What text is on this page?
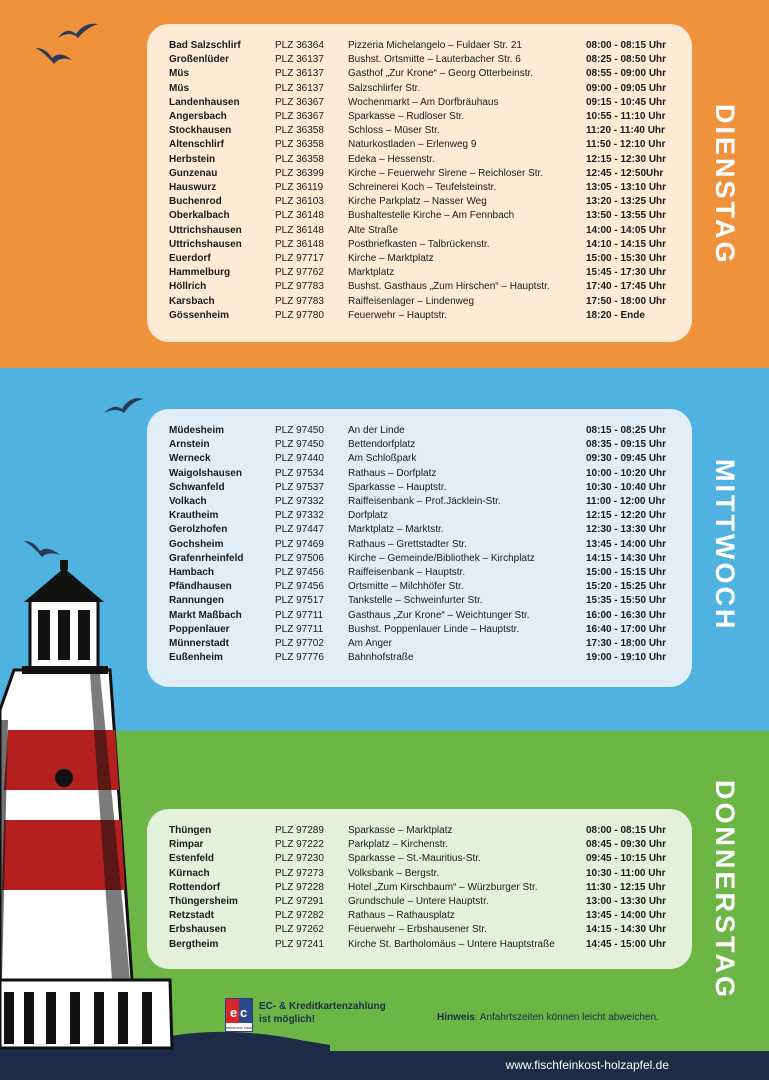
Bad Salzschlirf	PLZ 36364	Pizzeria Michelangelo – Fuldaer Str. 21	08:00 - 08:15 Uhr
Großenlüder	PLZ 36137	Bushst. Ortsmitte – Lauterbacher Str. 6	08:25 - 08:50 Uhr
Müs	PLZ 36137	Gasthof „Zur Krone“ – Georg Otterbeinstr.	08:55 - 09:00 Uhr
Müs	PLZ 36137	Salzschlirfer Str.	09:00 - 09:05 Uhr
Landenhausen	PLZ 36367	Wochenmarkt – Am Dorfbräuhaus	09:15 - 10:45 Uhr
Angersbach	PLZ 36367	Sparkasse – Rudloser Str.	10:55 - 11:10 Uhr
Stockhausen	PLZ 36358	Schloss – Müser Str.	11:20 - 11:40 Uhr
Altenschlirf	PLZ 36358	Naturkostladen – Erlenweg 9	11:50 - 12:10 Uhr
Herbstein	PLZ 36358	Edeka – Hessenstr.	12:15 - 12:30 Uhr
Gunzenau	PLZ 36399	Kirche – Feuerwehr Sirene – Reichloser Str.	12:45 - 12:50Uhr
Hauswurz	PLZ 36119	Schreinerei Koch – Teufelsteinstr.	13:05 - 13:10 Uhr
Buchenrod	PLZ 36103	Kirche Parkplatz – Nasser Weg	13:20 - 13:25 Uhr
Oberkalbach	PLZ 36148	Bushaltestelle Kirche – Am Fennbach	13:50 - 13:55 Uhr
Uttrichshausen	PLZ 36148	Alte Straße	14:00 - 14:05 Uhr
Uttrichshausen	PLZ 36148	Postbriefkasten – Talbrückenstr.	14:10 - 14:15 Uhr
Euerdorf	PLZ 97717	Kirche – Marktplatz	15:00 - 15:30 Uhr
Hammelburg	PLZ 97762	Marktplatz	15:45 - 17:30 Uhr
Höllrich	PLZ 97783	Bushst. Gasthaus „Zum Hirschen“ – Hauptstr.	17:40 - 17:45 Uhr
Karsbach	PLZ 97783	Raiffeisenlager – Lindenweg	17:50 - 18:00 Uhr
Gössenheim	PLZ 97780	Feuerwehr – Hauptstr.	18:20 - Ende
DIENSTAG
Müdesheim	PLZ 97450	An der Linde	08:15 - 08:25 Uhr
Arnstein	PLZ 97450	Bettendorfplatz	08:35 - 09:15 Uhr
Werneck	PLZ 97440	Am Schloßpark	09:30 - 09:45 Uhr
Waigolshausen	PLZ 97534	Rathaus – Dorfplatz	10:00 - 10:20 Uhr
Schwanfeld	PLZ 97537	Sparkasse – Hauptstr.	10:30 - 10:40 Uhr
Volkach	PLZ 97332	Raiffeisenbank – Prof.Jäcklein-Str.	11:00 - 12:00 Uhr
Krautheim	PLZ 97332	Dorfplatz	12:15 - 12:20 Uhr
Gerolzhofen	PLZ 97447	Marktplatz – Marktstr.	12:30 - 13:30 Uhr
Gochsheim	PLZ 97469	Rathaus – Grettstadter Str.	13:45 - 14:00 Uhr
Grafenrheinfeld	PLZ 97506	Kirche – Gemeinde/Bibliothek – Kirchplatz	14:15 - 14:30 Uhr
Hambach	PLZ 97456	Raiffeisenbank – Hauptstr.	15:00 - 15:15 Uhr
Pfändhausen	PLZ 97456	Ortsmitte – Milchhöfer Str.	15:20 - 15:25 Uhr
Rannungen	PLZ 97517	Tankstelle – Schweinfurter Str.	15:35 - 15:50 Uhr
Markt Maßbach	PLZ 97711	Gasthaus „Zur Krone“ – Weichtunger Str.	16:00 - 16:30 Uhr
Poppenlauer	PLZ 97711	Bushst. Poppenlauer Linde – Hauptstr.	16:40 - 17:00 Uhr
Münnerstadt	PLZ 97702	Am Anger	17:30 - 18:00 Uhr
Eußenheim	PLZ 97776	Bahnhofstraße	19:00 - 19:10 Uhr
MITTWOCH
Thüngen	PLZ 97289	Sparkasse – Marktplatz	08:00 - 08:15 Uhr
Rimpar	PLZ 97222	Parkplatz – Kirchenstr.	08:45 - 09:30 Uhr
Estenfeld	PLZ 97230	Sparkasse – St.-Mauritius-Str.	09:45 - 10:15 Uhr
Kürnach	PLZ 97273	Volksbank – Bergstr.	10:30 - 11:00 Uhr
Rottendorf	PLZ 97228	Hotel „Zum Kirschbaum“ – Würzburger Str.	11:30 - 12:15 Uhr
Thüngersheim	PLZ 97291	Grundschule – Untere Hauptstr.	13:00 - 13:30 Uhr
Retzstadt	PLZ 97282	Rathaus – Rathausplatz	13:45 - 14:00 Uhr
Erbshausen	PLZ 97262	Feuerwehr – Erbshausener Str.	14:15 - 14:30 Uhr
Bergtheim	PLZ 97241	Kirche St. Bartholomäus – Untere Hauptstraße	14:45 - 15:00 Uhr DONNERSTAG
e c
electronic cash
EC- & Kreditkartenzahlung
ist möglich!	Hinweis: Anfahrtszeiten können leicht abweichen.
www.fischfeinkost-holzapfel.de
